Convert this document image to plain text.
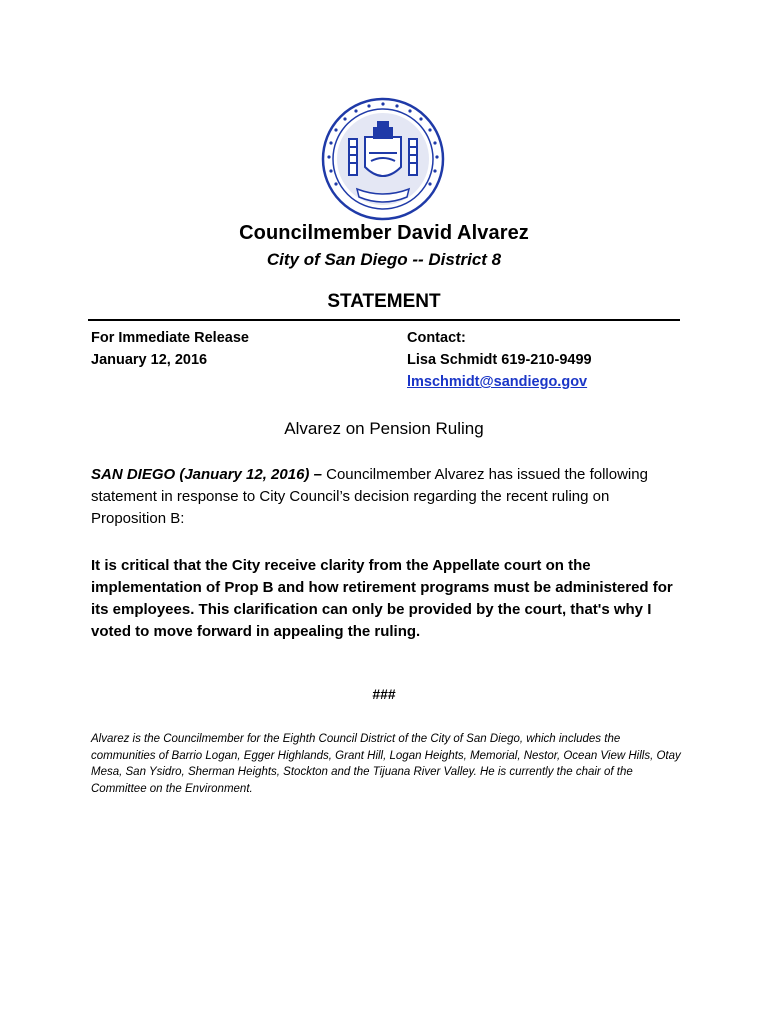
Councilmember David Alvarez
City of San Diego -- District 8
STATEMENT
For Immediate Release
January 12, 2016
Contact:
Lisa Schmidt 619-210-9499
lmschmidt@sandiego.gov
Alvarez on Pension Ruling
SAN DIEGO (January 12, 2016) – Councilmember Alvarez has issued the following statement in response to City Council’s decision regarding the recent ruling on Proposition B:
It is critical that the City receive clarity from the Appellate court on the implementation of Prop B and how retirement programs must be administered for its employees. This clarification can only be provided by the court, that's why I voted to move forward in appealing the ruling.
###
Alvarez is the Councilmember for the Eighth Council District of the City of San Diego, which includes the communities of Barrio Logan, Egger Highlands, Grant Hill, Logan Heights, Memorial, Nestor, Ocean View Hills, Otay Mesa, San Ysidro, Sherman Heights, Stockton and the Tijuana River Valley. He is currently the chair of the Committee on the Environment.
